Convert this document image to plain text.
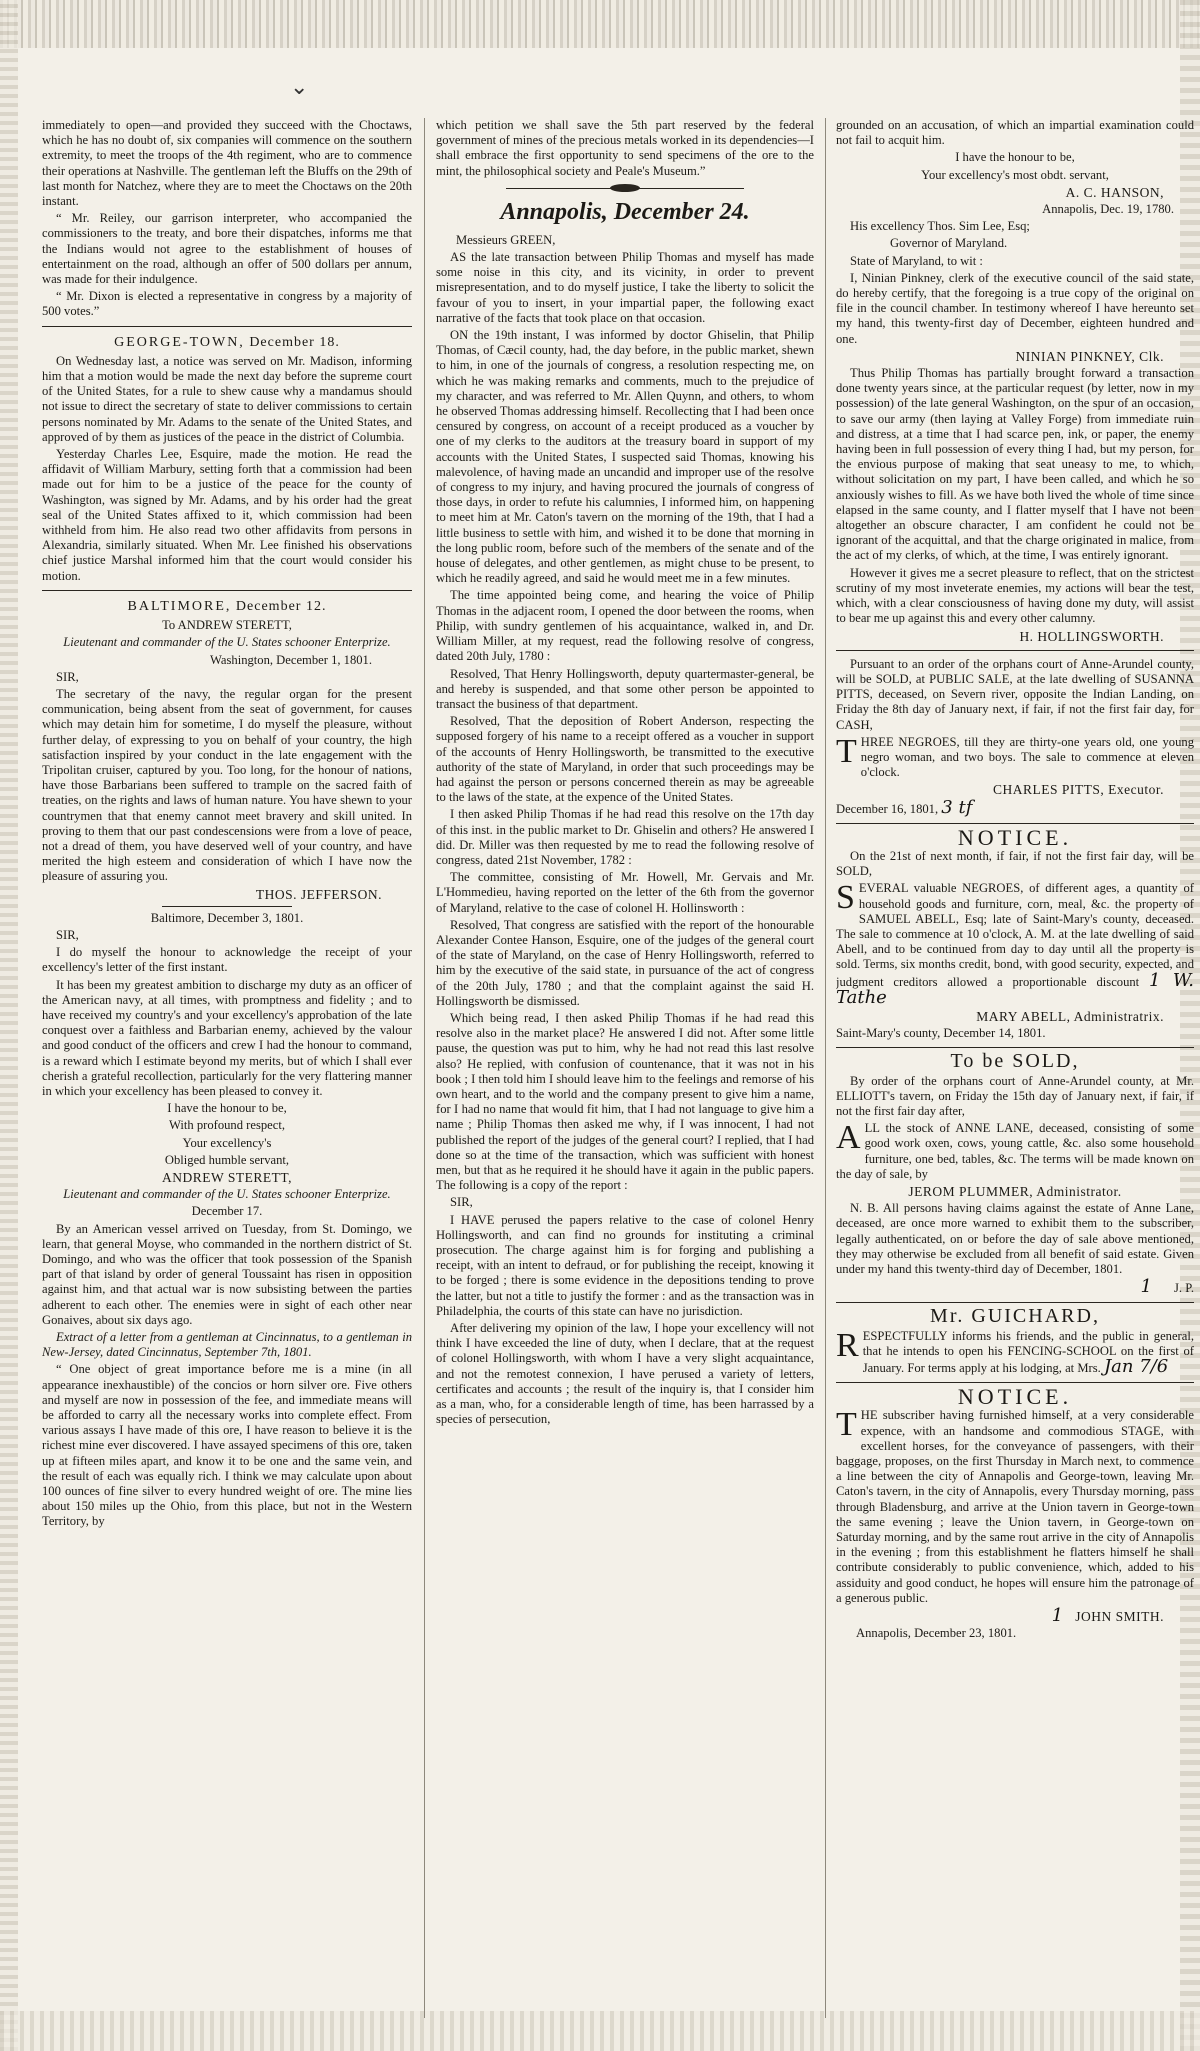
⌄

immediately to open—and provided they succeed with the Choctaws, which he has no doubt of, six companies will commence on the southern extremity, to meet the troops of the 4th regiment, who are to commence their operations at Nashville. The gentleman left the Bluffs on the 29th of last month for Natchez, where they are to meet the Choctaws on the 20th instant.

“ Mr. Reiley, our garrison interpreter, who accompanied the commissioners to the treaty, and bore their dispatches, informs me that the Indians would not agree to the establishment of houses of entertainment on the road, although an offer of 500 dollars per annum, was made for their indulgence.

“ Mr. Dixon is elected a representative in congress by a majority of 500 votes.”

GEORGE-TOWN, December 18.

On Wednesday last, a notice was served on Mr. Madison, informing him that a motion would be made the next day before the supreme court of the United States, for a rule to shew cause why a mandamus should not issue to direct the secretary of state to deliver commissions to certain persons nominated by Mr. Adams to the senate of the United States, and approved of by them as justices of the peace in the district of Columbia.

Yesterday Charles Lee, Esquire, made the motion. He read the affidavit of William Marbury, setting forth that a commission had been made out for him to be a justice of the peace for the county of Washington, was signed by Mr. Adams, and by his order had the great seal of the United States affixed to it, which commission had been withheld from him. He also read two other affidavits from persons in Alexandria, similarly situated. When Mr. Lee finished his observations chief justice Marshal informed him that the court would consider his motion.

BALTIMORE, December 12.

To ANDREW STERETT,

Lieutenant and commander of the U. States schooner Enterprize.

Washington, December 1, 1801.

SIR,

The secretary of the navy, the regular organ for the present communication, being absent from the seat of government, for causes which may detain him for sometime, I do myself the pleasure, without further delay, of expressing to you on behalf of your country, the high satisfaction inspired by your conduct in the late engagement with the Tripolitan cruiser, captured by you. Too long, for the honour of nations, have those Barbarians been suffered to trample on the sacred faith of treaties, on the rights and laws of human nature. You have shewn to your countrymen that that enemy cannot meet bravery and skill united. In proving to them that our past condescensions were from a love of peace, not a dread of them, you have deserved well of your country, and have merited the high esteem and consideration of which I have now the pleasure of assuring you.

THOS. JEFFERSON.

Baltimore, December 3, 1801.

SIR,

I do myself the honour to acknowledge the receipt of your excellency's letter of the first instant.

It has been my greatest ambition to discharge my duty as an officer of the American navy, at all times, with promptness and fidelity ; and to have received my country's and your excellency's approbation of the late conquest over a faithless and Barbarian enemy, achieved by the valour and good conduct of the officers and crew I had the honour to command, is a reward which I estimate beyond my merits, but of which I shall ever cherish a grateful recollection, particularly for the very flattering manner in which your excellency has been pleased to convey it.

I have the honour to be,

With profound respect,

Your excellency's

Obliged humble servant,

ANDREW STERETT,

Lieutenant and commander of the U. States schooner Enterprize.

December 17.

By an American vessel arrived on Tuesday, from St. Domingo, we learn, that general Moyse, who commanded in the northern district of St. Domingo, and who was the officer that took possession of the Spanish part of that island by order of general Toussaint has risen in opposition against him, and that actual war is now subsisting between the parties adherent to each other. The enemies were in sight of each other near Gonaives, about six days ago.

Extract of a letter from a gentleman at Cincinnatus, to a gentleman in New-Jersey, dated Cincinnatus, September 7th, 1801.

“ One object of great importance before me is a mine (in all appearance inexhaustible) of the concios or horn silver ore. Five others and myself are now in possession of the fee, and immediate means will be afforded to carry all the necessary works into complete effect. From various assays I have made of this ore, I have reason to believe it is the richest mine ever discovered. I have assayed specimens of this ore, taken up at fifteen miles apart, and know it to be one and the same vein, and the result of each was equally rich. I think we may calculate upon about 100 ounces of fine silver to every hundred weight of ore. The mine lies about 150 miles up the Ohio, from this place, but not in the Western Territory, by

which petition we shall save the 5th part reserved by the federal government of mines of the precious metals worked in its dependencies—I shall embrace the first opportunity to send specimens of the ore to the mint, the philosophical society and Peale's Museum.”

Annapolis, December 24.

Messieurs GREEN,

AS the late transaction between Philip Thomas and myself has made some noise in this city, and its vicinity, in order to prevent misrepresentation, and to do myself justice, I take the liberty to solicit the favour of you to insert, in your impartial paper, the following exact narrative of the facts that took place on that occasion.

ON the 19th instant, I was informed by doctor Ghiselin, that Philip Thomas, of Cæcil county, had, the day before, in the public market, shewn to him, in one of the journals of congress, a resolution respecting me, on which he was making remarks and comments, much to the prejudice of my character, and was referred to Mr. Allen Quynn, and others, to whom he observed Thomas addressing himself. Recollecting that I had been once censured by congress, on account of a receipt produced as a voucher by one of my clerks to the auditors at the treasury board in support of my accounts with the United States, I suspected said Thomas, knowing his malevolence, of having made an uncandid and improper use of the resolve of congress to my injury, and having procured the journals of congress of those days, in order to refute his calumnies, I informed him, on happening to meet him at Mr. Caton's tavern on the morning of the 19th, that I had a little business to settle with him, and wished it to be done that morning in the long public room, before such of the members of the senate and of the house of delegates, and other gentlemen, as might chuse to be present, to which he readily agreed, and said he would meet me in a few minutes.

The time appointed being come, and hearing the voice of Philip Thomas in the adjacent room, I opened the door between the rooms, when Philip, with sundry gentlemen of his acquaintance, walked in, and Dr. William Miller, at my request, read the following resolve of congress, dated 20th July, 1780 :

Resolved, That Henry Hollingsworth, deputy quartermaster-general, be and hereby is suspended, and that some other person be appointed to transact the business of that department.

Resolved, That the deposition of Robert Anderson, respecting the supposed forgery of his name to a receipt offered as a voucher in support of the accounts of Henry Hollingsworth, be transmitted to the executive authority of the state of Maryland, in order that such proceedings may be had against the person or persons concerned therein as may be agreeable to the laws of the state, at the expence of the United States.

I then asked Philip Thomas if he had read this resolve on the 17th day of this inst. in the public market to Dr. Ghiselin and others? He answered I did. Dr. Miller was then requested by me to read the following resolve of congress, dated 21st November, 1782 :

The committee, consisting of Mr. Howell, Mr. Gervais and Mr. L'Hommedieu, having reported on the letter of the 6th from the governor of Maryland, relative to the case of colonel H. Hollinsworth :

Resolved, That congress are satisfied with the report of the honourable Alexander Contee Hanson, Esquire, one of the judges of the general court of the state of Maryland, on the case of Henry Hollingsworth, referred to him by the executive of the said state, in pursuance of the act of congress of the 20th July, 1780 ; and that the complaint against the said H. Hollingsworth be dismissed.

Which being read, I then asked Philip Thomas if he had read this resolve also in the market place? He answered I did not. After some little pause, the question was put to him, why he had not read this last resolve also? He replied, with confusion of countenance, that it was not in his book ; I then told him I should leave him to the feelings and remorse of his own heart, and to the world and the company present to give him a name, for I had no name that would fit him, that I had not language to give him a name ; Philip Thomas then asked me why, if I was innocent, I had not published the report of the judges of the general court? I replied, that I had done so at the time of the transaction, which was sufficient with honest men, but that as he required it he should have it again in the public papers. The following is a copy of the report :

SIR,

I HAVE perused the papers relative to the case of colonel Henry Hollingsworth, and can find no grounds for instituting a criminal prosecution. The charge against him is for forging and publishing a receipt, with an intent to defraud, or for publishing the receipt, knowing it to be forged ; there is some evidence in the depositions tending to prove the latter, but not a title to justify the former : and as the transaction was in Philadelphia, the courts of this state can have no jurisdiction.

After delivering my opinion of the law, I hope your excellency will not think I have exceeded the line of duty, when I declare, that at the request of colonel Hollingsworth, with whom I have a very slight acquaintance, and not the remotest connexion, I have perused a variety of letters, certificates and accounts ; the result of the inquiry is, that I consider him as a man, who, for a considerable length of time, has been harrassed by a species of persecution,

grounded on an accusation, of which an impartial examination could not fail to acquit him.

I have the honour to be,

Your excellency's most obdt. servant,

A. C. HANSON,

Annapolis, Dec. 19, 1780.

His excellency Thos. Sim Lee, Esq;

Governor of Maryland.

State of Maryland, to wit :

I, Ninian Pinkney, clerk of the executive council of the said state, do hereby certify, that the foregoing is a true copy of the original on file in the council chamber. In testimony whereof I have hereunto set my hand, this twenty-first day of December, eighteen hundred and one.

NINIAN PINKNEY, Clk.

Thus Philip Thomas has partially brought forward a transaction done twenty years since, at the particular request (by letter, now in my possession) of the late general Washington, on the spur of an occasion, to save our army (then laying at Valley Forge) from immediate ruin and distress, at a time that I had scarce pen, ink, or paper, the enemy having been in full possession of every thing I had, but my person, for the envious purpose of making that seat uneasy to me, to which, without solicitation on my part, I have been called, and which he so anxiously wishes to fill. As we have both lived the whole of time since elapsed in the same county, and I flatter myself that I have not been altogether an obscure character, I am confident he could not be ignorant of the acquittal, and that the charge originated in malice, from the act of my clerks, of which, at the time, I was entirely ignorant.

However it gives me a secret pleasure to reflect, that on the strictest scrutiny of my most inveterate enemies, my actions will bear the test, which, with a clear consciousness of having done my duty, will assist to bear me up against this and every other calumny.

H. HOLLINGSWORTH.

Pursuant to an order of the orphans court of Anne-Arundel county, will be SOLD, at PUBLIC SALE, at the late dwelling of SUSANNA PITTS, deceased, on Severn river, opposite the Indian Landing, on Friday the 8th day of January next, if fair, if not the first fair day, for CASH,

THREE NEGROES, till they are thirty-one years old, one young negro woman, and two boys. The sale to commence at eleven o'clock.

CHARLES PITTS, Executor.

December 16, 1801, 3 tf

NOTICE.

On the 21st of next month, if fair, if not the first fair day, will be SOLD,

SEVERAL valuable NEGROES, of different ages, a quantity of household goods and furniture, corn, meal, &c. the property of SAMUEL ABELL, Esq; late of Saint-Mary's county, deceased. The sale to commence at 10 o'clock, A. M. at the late dwelling of said Abell, and to be continued from day to day until all the property is sold. Terms, six months credit, bond, with good security, expected, and judgment creditors allowed a proportionable discount 1 W. Tathe

MARY ABELL, Administratrix.

Saint-Mary's county, December 14, 1801.

To be SOLD,

By order of the orphans court of Anne-Arundel county, at Mr. ELLIOTT's tavern, on Friday the 15th day of January next, if fair, if not the first fair day after,

ALL the stock of ANNE LANE, deceased, consisting of some good work oxen, cows, young cattle, &c. also some household furniture, one bed, tables, &c. The terms will be made known on the day of sale, by

JEROM PLUMMER, Administrator.

N. B. All persons having claims against the estate of Anne Lane, deceased, are once more warned to exhibit them to the subscriber, legally authenticated, on or before the day of sale above mentioned, they may otherwise be excluded from all benefit of said estate. Given under my hand this twenty-third day of December, 1801.

1 J. P.

Mr. GUICHARD,

RESPECTFULLY informs his friends, and the public in general, that he intends to open his FENCING-SCHOOL on the first of January. For terms apply at his lodging, at Mrs. Jan 7/6

NOTICE.

THE subscriber having furnished himself, at a very considerable expence, with an handsome and commodious STAGE, with excellent horses, for the conveyance of passengers, with their baggage, proposes, on the first Thursday in March next, to commence a line between the city of Annapolis and George-town, leaving Mr. Caton's tavern, in the city of Annapolis, every Thursday morning, pass through Bladensburg, and arrive at the Union tavern in George-town the same evening ; leave the Union tavern, in George-town on Saturday morning, and by the same rout arrive in the city of Annapolis in the evening ; from this establishment he flatters himself he shall contribute considerably to public convenience, which, added to his assiduity and good conduct, he hopes will ensure him the patronage of a generous public.

1 JOHN SMITH.

Annapolis, December 23, 1801.
